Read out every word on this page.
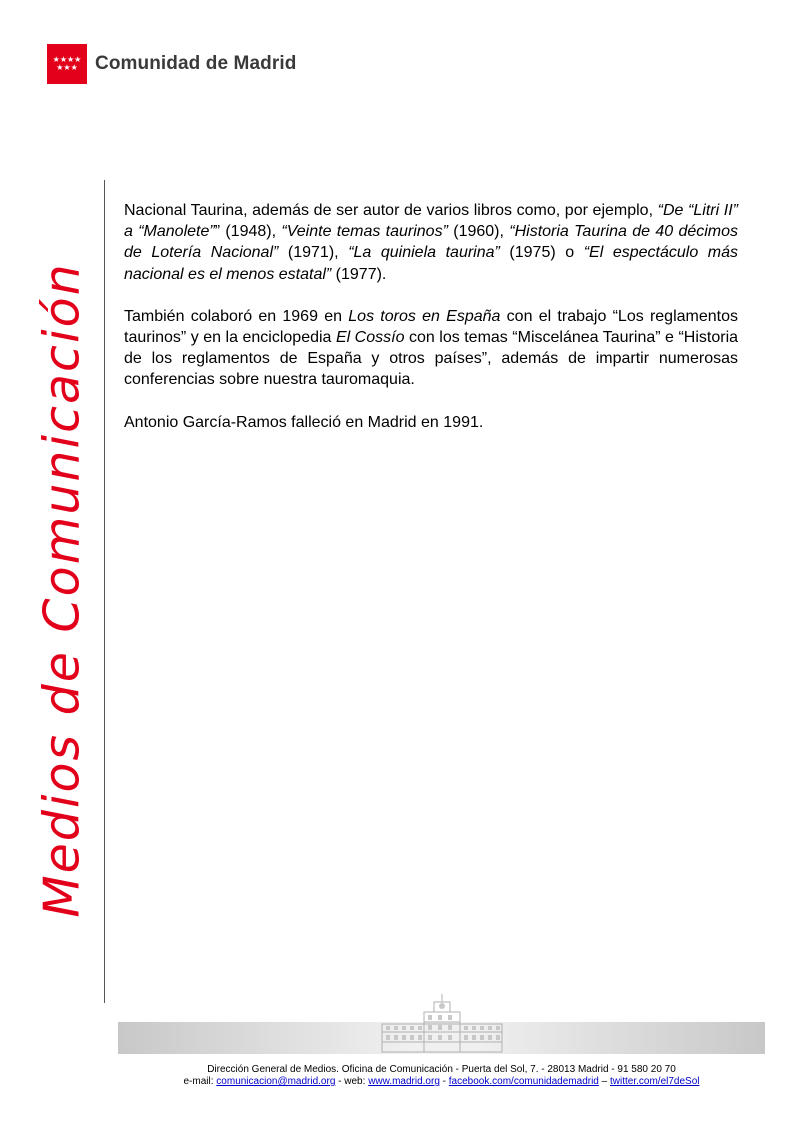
★★★★
★★★ Comunidad de Madrid
Medios de Comunicación

Nacional Taurina, además de ser autor de varios libros como, por ejemplo, “De “Litri II” a “Manolete”” (1948), “Veinte temas taurinos” (1960), “Historia Taurina de 40 décimos de Lotería Nacional” (1971), “La quiniela taurina” (1975) o “El espectáculo más nacional es el menos estatal” (1977).

También colaboró en 1969 en Los toros en España con el trabajo “Los reglamentos taurinos” y en la enciclopedia El Cossío con los temas “Miscelánea Taurina” e “Historia de los reglamentos de España y otros países”, además de impartir numerosas conferencias sobre nuestra tauromaquia.

Antonio García-Ramos falleció en Madrid en 1991.

Dirección General de Medios. Oficina de Comunicación - Puerta del Sol, 7. - 28013 Madrid - 91 580 20 70
e-mail: comunicacion@madrid.org - web: www.madrid.org - facebook.com/comunidademadrid – twitter.com/el7deSol
